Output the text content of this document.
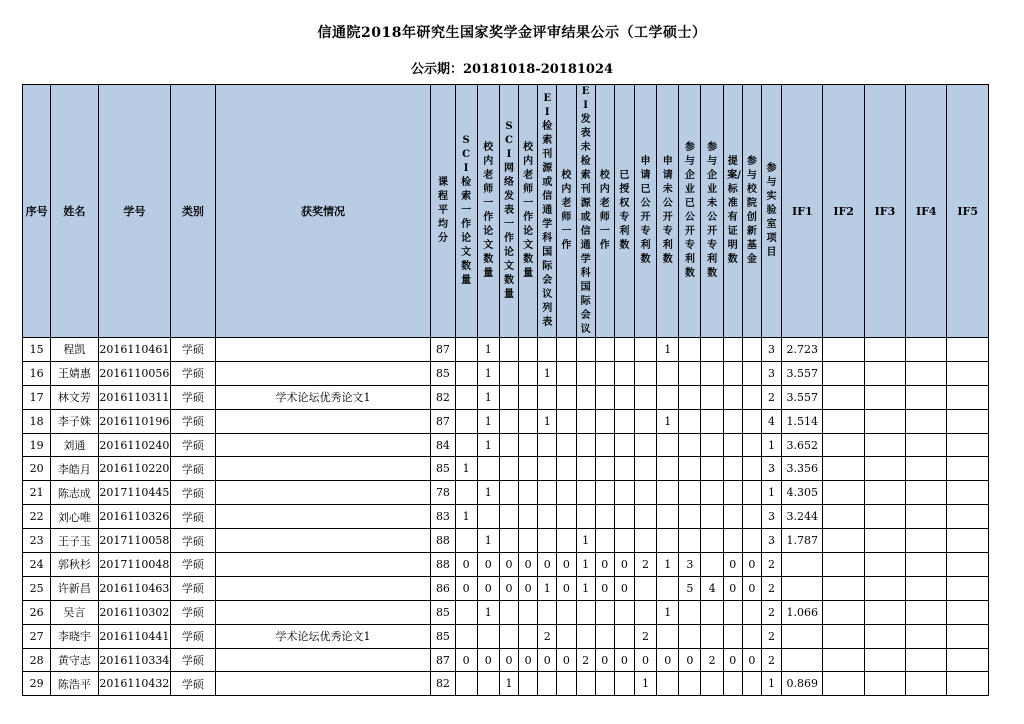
信通院2018年研究生国家奖学金评审结果公示（工学硕士）
公示期：20181018-20181024
序号	姓名	学号	类别	获奖情况	课程平均分	SCI检索一作论文数量	校内老师一作论文数量	SCI网络发表一作论文数量	校内老师一作论文数量	EI检索刊源或信通学科国际会议列表	校内老师一作	EI发表未检索刊源或信通学科国际会议	校内老师一作	已授权专利数	申请已公开专利数	申请未公开专利数	参与企业已公开专利数	参与企业未公开专利数	提案/标准有证明数	参与校院创新基金	参与实验室项目	IF1	IF2	IF3	IF4	IF5
15	程凯	2016110461	学硕		87		1									1					3	2.723				
16	王婧惠	2016110056	学硕		85		1			1											3	3.557				
17	林文芳	2016110311	学硕	学术论坛优秀论文1	82		1														2	3.557				
18	李子姝	2016110196	学硕		87		1			1						1					4	1.514				
19	刘通	2016110240	学硕		84		1														1	3.652				
20	李皓月	2016110220	学硕		85	1															3	3.356				
21	陈志成	2017110445	学硕		78		1														1	4.305				
22	刘心唯	2016110326	学硕		83	1															3	3.244				
23	王子玉	2017110058	学硕		88		1					1									3	1.787				
24	郭秋杉	2017110048	学硕		88	0	0	0	0	0	0	1	0	0	2	1	3		0	0	2					
25	许新昌	2016110463	学硕		86	0	0	0	0	1	0	1	0	0			5	4	0	0	2					
26	吴言	2016110302	学硕		85		1									1					2	1.066				
27	李晓宇	2016110441	学硕	学术论坛优秀论文1	85					2					2						2					
28	黄守志	2016110334	学硕		87	0	0	0	0	0	0	2	0	0	0	0	0	2	0	0	2					
29	陈浩平	2016110432	学硕		82			1							1						1	0.869				
